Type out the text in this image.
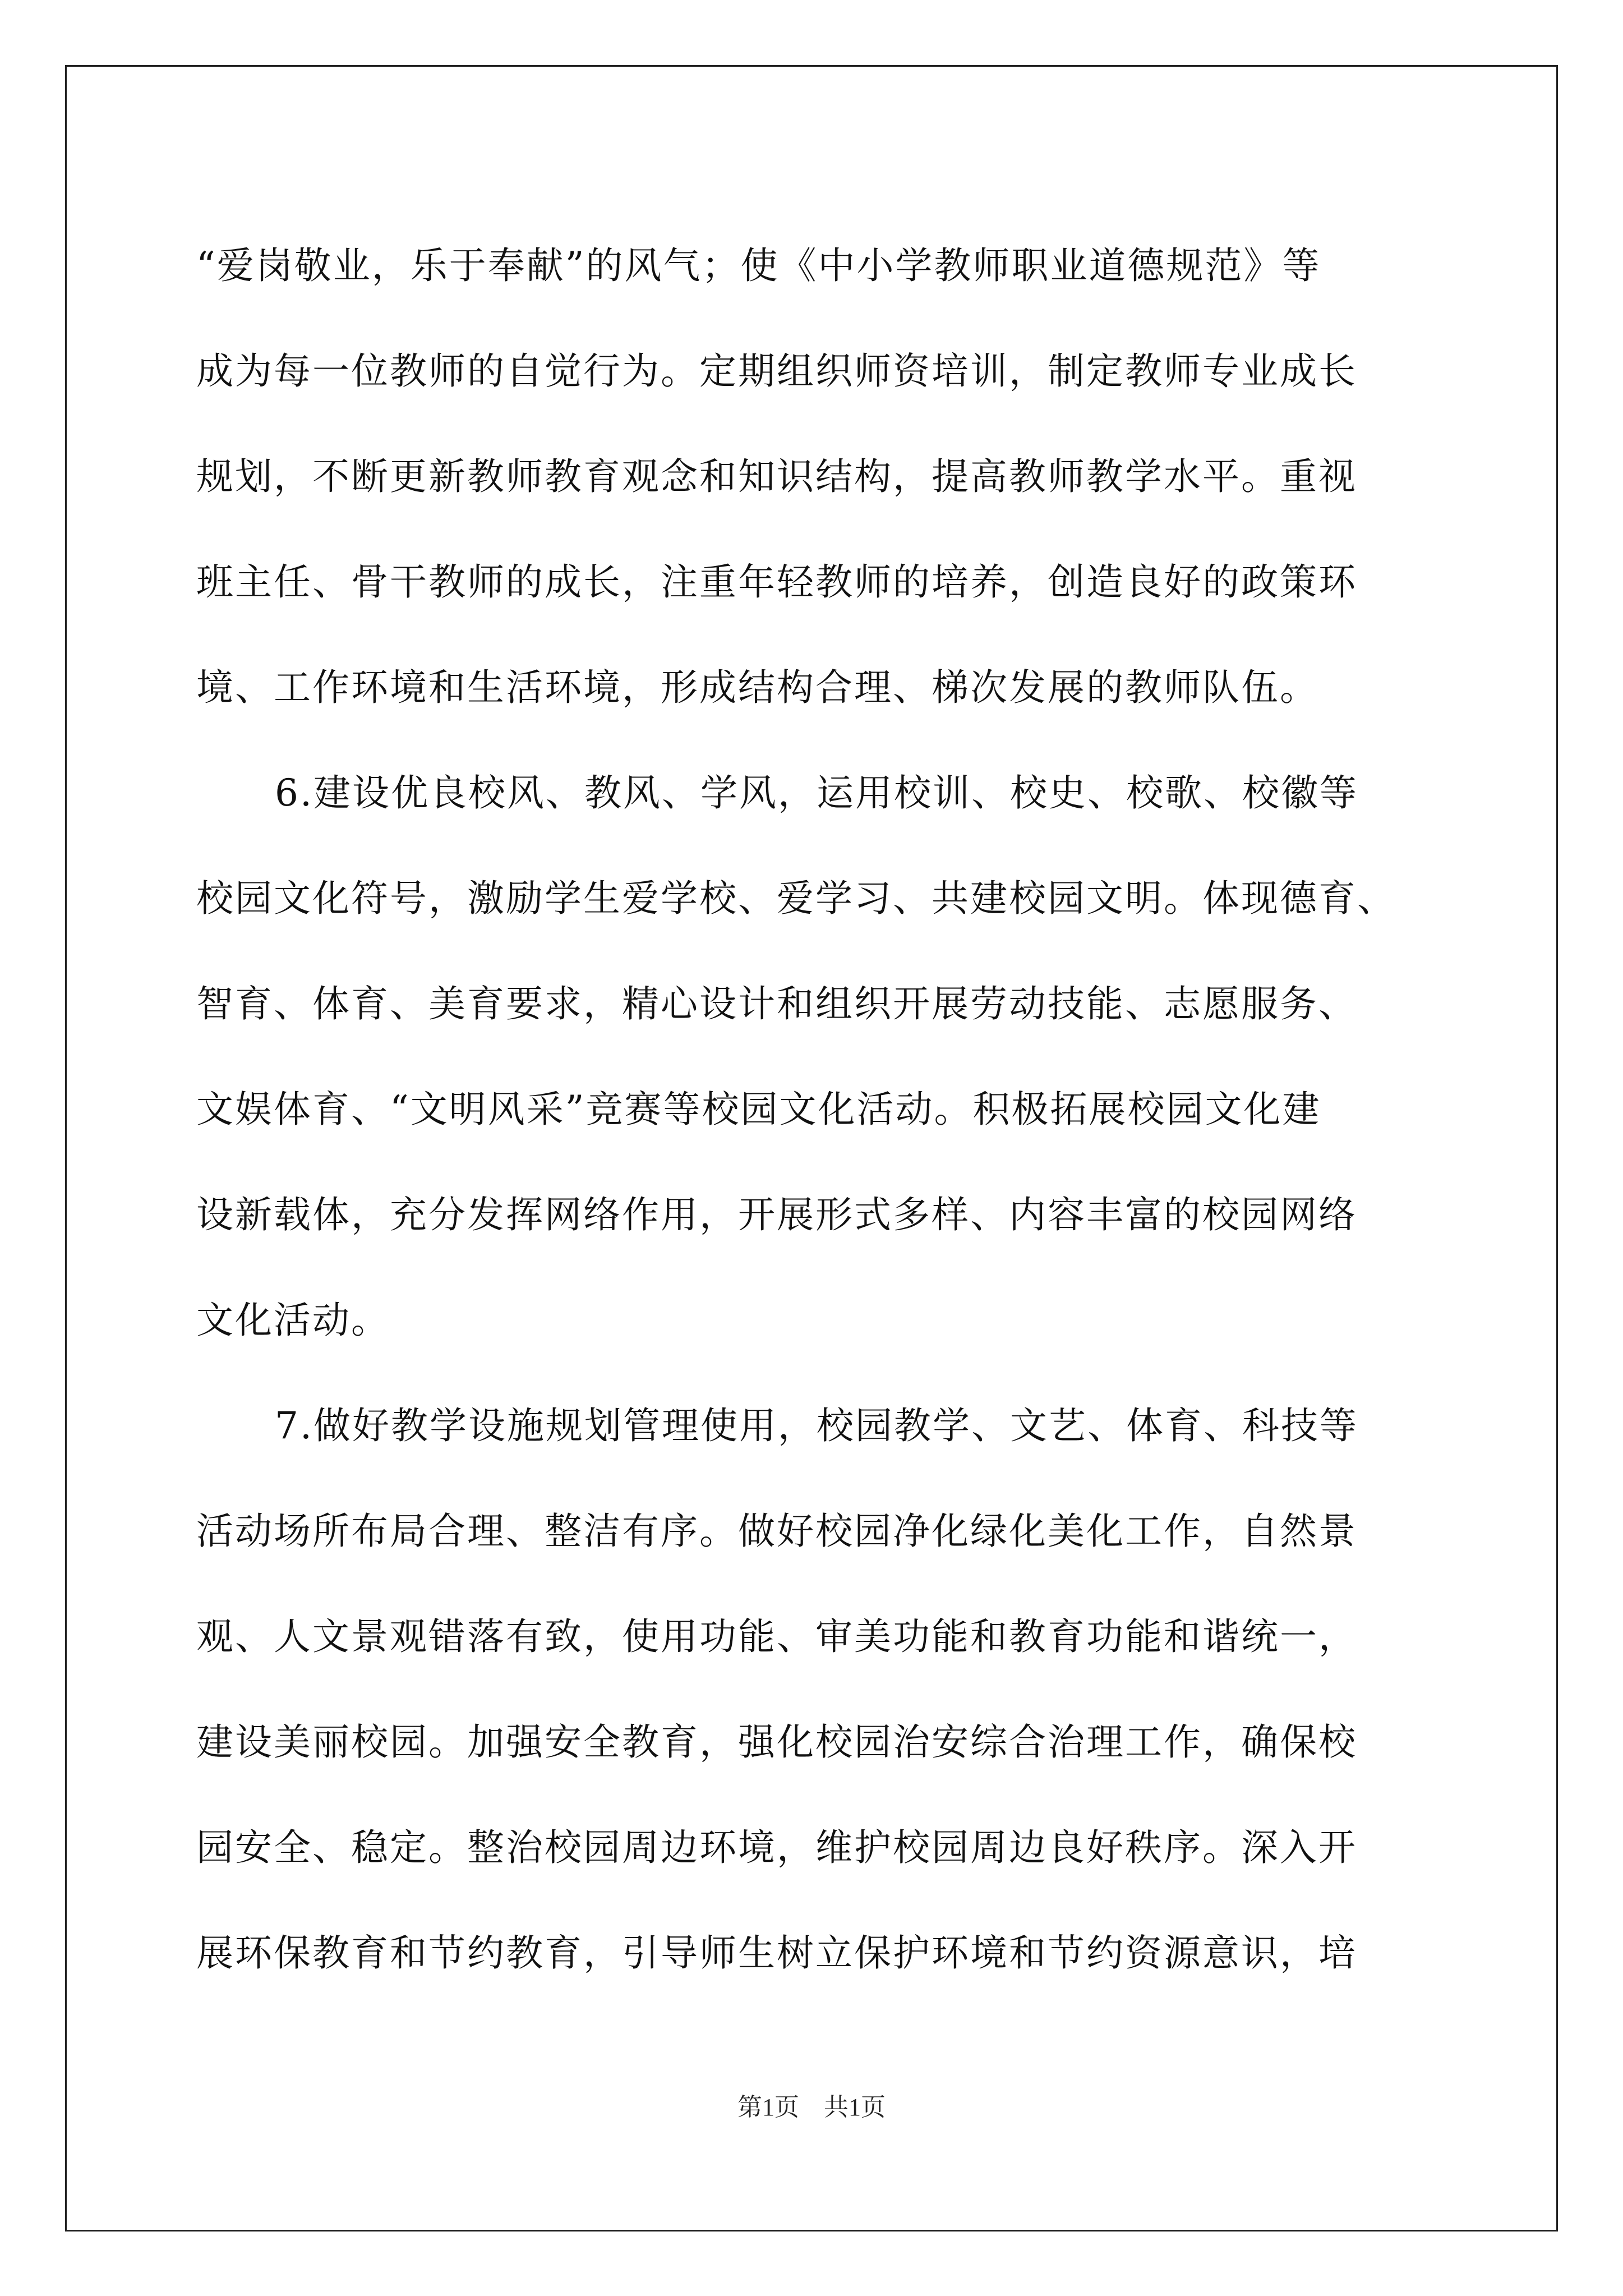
“爱岗敬业，乐于奉献”的风气；使《中小学教师职业道德规范》等
成为每一位教师的自觉行为。定期组织师资培训，制定教师专业成长
规划，不断更新教师教育观念和知识结构，提高教师教学水平。重视
班主任、骨干教师的成长，注重年轻教师的培养，创造良好的政策环
境、工作环境和生活环境，形成结构合理、梯次发展的教师队伍。
6.建设优良校风、教风、学风，运用校训、校史、校歌、校徽等
校园文化符号，激励学生爱学校、爱学习、共建校园文明。体现德育、
智育、体育、美育要求，精心设计和组织开展劳动技能、志愿服务、
文娱体育、“文明风采”竞赛等校园文化活动。积极拓展校园文化建
设新载体，充分发挥网络作用，开展形式多样、内容丰富的校园网络
文化活动。
7.做好教学设施规划管理使用，校园教学、文艺、体育、科技等
活动场所布局合理、整洁有序。做好校园净化绿化美化工作，自然景
观、人文景观错落有致，使用功能、审美功能和教育功能和谐统一，
建设美丽校园。加强安全教育，强化校园治安综合治理工作，确保校
园安全、稳定。整治校园周边环境，维护校园周边良好秩序。深入开
展环保教育和节约教育，引导师生树立保护环境和节约资源意识，培
第1页　共1页
